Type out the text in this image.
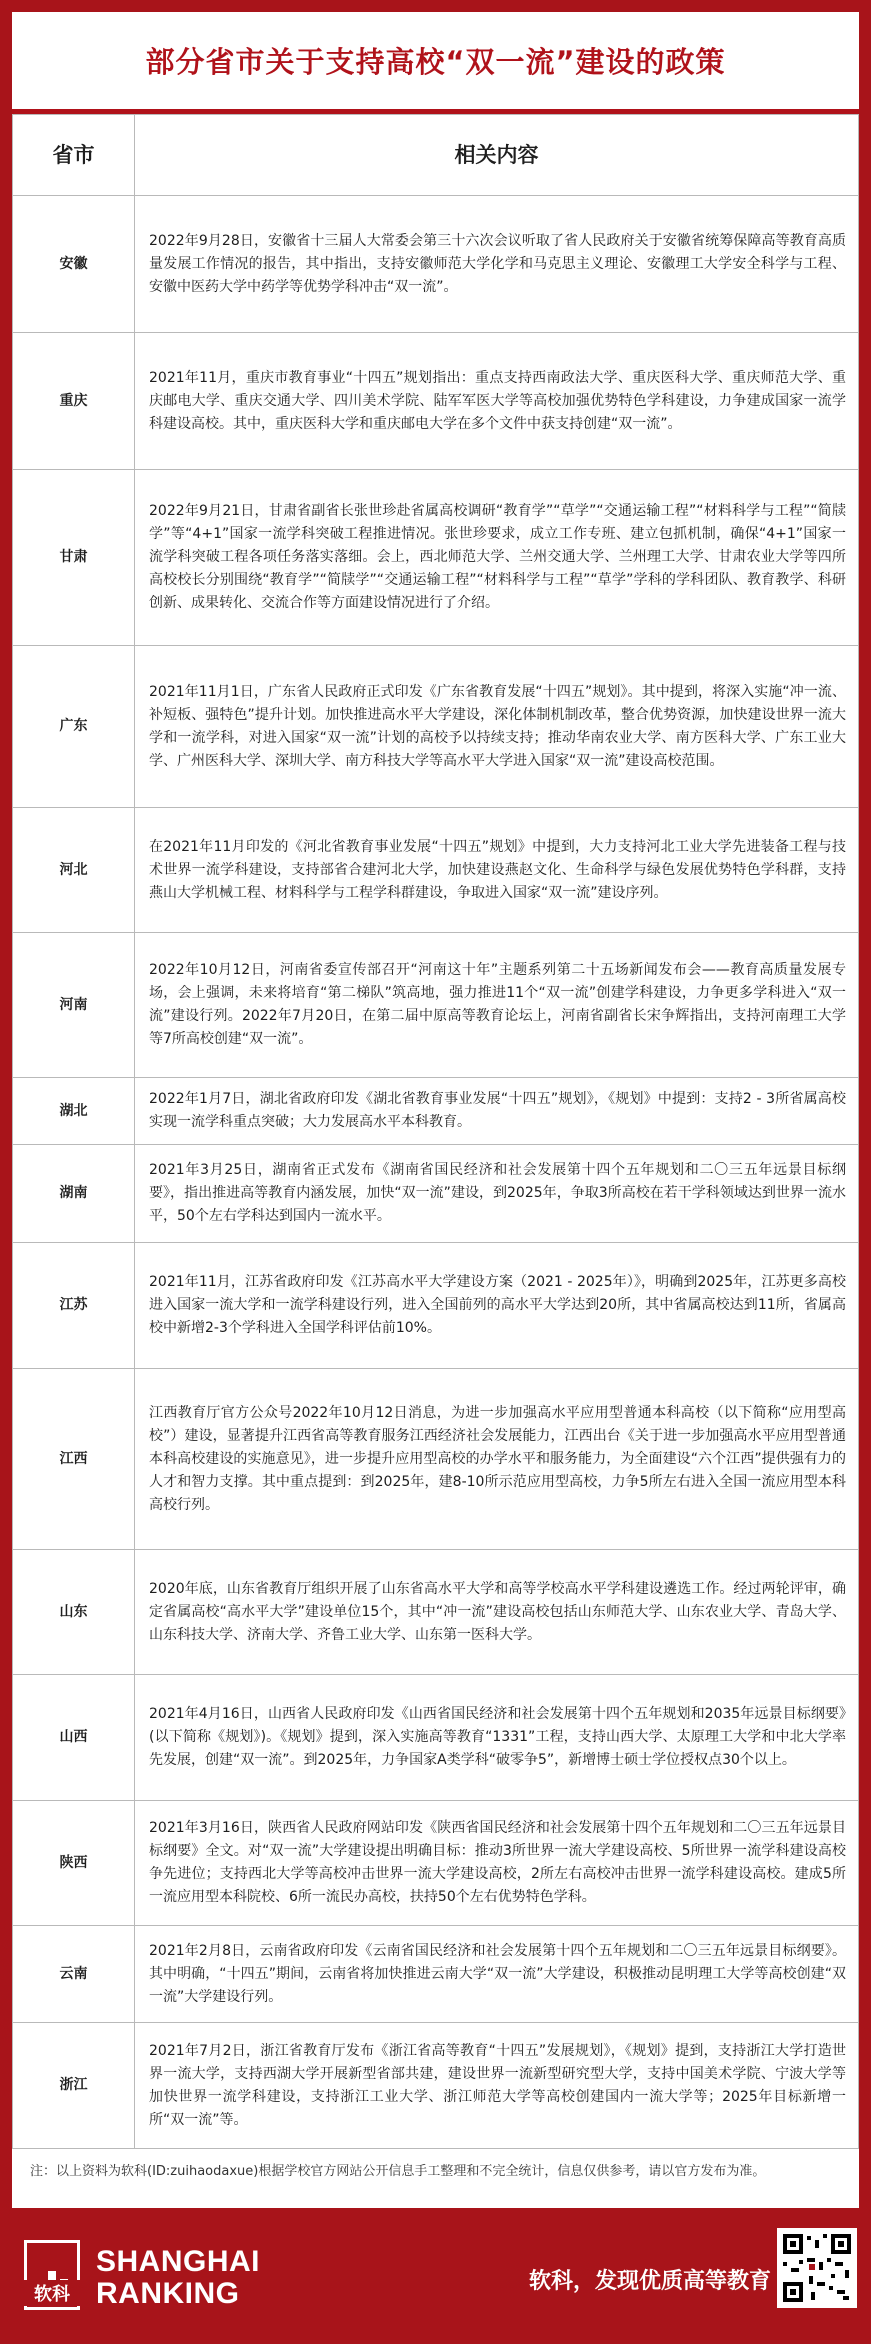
部分省市关于支持高校“双一流”建设的政策
省市	相关内容
安徽	2022年9月28日，安徽省十三届人大常委会第三十六次会议听取了省人民政府关于安徽省统筹保障高等教育高质量发展工作情况的报告，其中指出，支持安徽师范大学化学和马克思主义理论、安徽理工大学安全科学与工程、安徽中医药大学中药学等优势学科冲击“双一流”。
重庆	2021年11月，重庆市教育事业“十四五”规划指出：重点支持西南政法大学、重庆医科大学、重庆师范大学、重庆邮电大学、重庆交通大学、四川美术学院、陆军军医大学等高校加强优势特色学科建设，力争建成国家一流学科建设高校。其中，重庆医科大学和重庆邮电大学在多个文件中获支持创建“双一流”。
甘肃	2022年9月21日，甘肃省副省长张世珍赴省属高校调研“教育学”“草学”“交通运输工程”“材料科学与工程”“简牍学”等“4+1”国家一流学科突破工程推进情况。张世珍要求，成立工作专班、建立包抓机制，确保“4+1”国家一流学科突破工程各项任务落实落细。会上，西北师范大学、兰州交通大学、兰州理工大学、甘肃农业大学等四所高校校长分别围绕“教育学”“简牍学”“交通运输工程”“材料科学与工程”“草学”学科的学科团队、教育教学、科研创新、成果转化、交流合作等方面建设情况进行了介绍。
广东	2021年11月1日，广东省人民政府正式印发《广东省教育发展“十四五”规划》。其中提到，将深入实施“冲一流、补短板、强特色”提升计划。加快推进高水平大学建设，深化体制机制改革，整合优势资源，加快建设世界一流大学和一流学科，对进入国家“双一流”计划的高校予以持续支持；推动华南农业大学、南方医科大学、广东工业大学、广州医科大学、深圳大学、南方科技大学等高水平大学进入国家“双一流”建设高校范围。
河北	在2021年11月印发的《河北省教育事业发展“十四五”规划》中提到，大力支持河北工业大学先进装备工程与技术世界一流学科建设，支持部省合建河北大学，加快建设燕赵文化、生命科学与绿色发展优势特色学科群，支持燕山大学机械工程、材料科学与工程学科群建设，争取进入国家“双一流”建设序列。
河南	2022年10月12日，河南省委宣传部召开“河南这十年”主题系列第二十五场新闻发布会——教育高质量发展专场，会上强调，未来将培育“第二梯队”筑高地，强力推进11个“双一流”创建学科建设，力争更多学科进入“双一流”建设行列。2022年7月20日，在第二届中原高等教育论坛上，河南省副省长宋争辉指出，支持河南理工大学等7所高校创建“双一流”。
湖北	2022年1月7日，湖北省政府印发《湖北省教育事业发展“十四五”规划》，《规划》中提到：支持2 - 3所省属高校实现一流学科重点突破；大力发展高水平本科教育。
湖南	2021年3月25日，湖南省正式发布《湖南省国民经济和社会发展第十四个五年规划和二〇三五年远景目标纲要》，指出推进高等教育内涵发展，加快“双一流”建设，到2025年，争取3所高校在若干学科领域达到世界一流水平，50个左右学科达到国内一流水平。
江苏	2021年11月，江苏省政府印发《江苏高水平大学建设方案（2021 - 2025年）》，明确到2025年，江苏更多高校进入国家一流大学和一流学科建设行列，进入全国前列的高水平大学达到20所，其中省属高校达到11所，省属高校中新增2-3个学科进入全国学科评估前10%。
江西	江西教育厅官方公众号2022年10月12日消息，为进一步加强高水平应用型普通本科高校（以下简称“应用型高校”）建设，显著提升江西省高等教育服务江西经济社会发展能力，江西出台《关于进一步加强高水平应用型普通本科高校建设的实施意见》，进一步提升应用型高校的办学水平和服务能力，为全面建设“六个江西”提供强有力的人才和智力支撑。其中重点提到：到2025年，建8-10所示范应用型高校，力争5所左右进入全国一流应用型本科高校行列。
山东	2020年底，山东省教育厅组织开展了山东省高水平大学和高等学校高水平学科建设遴选工作。经过两轮评审，确定省属高校“高水平大学”建设单位15个，其中“冲一流”建设高校包括山东师范大学、山东农业大学、青岛大学、山东科技大学、济南大学、齐鲁工业大学、山东第一医科大学。
山西	2021年4月16日，山西省人民政府印发《山西省国民经济和社会发展第十四个五年规划和2035年远景目标纲要》(以下简称《规划》)。《规划》提到，深入实施高等教育“1331”工程，支持山西大学、太原理工大学和中北大学率先发展，创建“双一流”。到2025年，力争国家A类学科“破零争5”，新增博士硕士学位授权点30个以上。
陕西	2021年3月16日，陕西省人民政府网站印发《陕西省国民经济和社会发展第十四个五年规划和二〇三五年远景目标纲要》全文。对“双一流”大学建设提出明确目标：推动3所世界一流大学建设高校、5所世界一流学科建设高校争先进位；支持西北大学等高校冲击世界一流大学建设高校，2所左右高校冲击世界一流学科建设高校。建成5所一流应用型本科院校、6所一流民办高校，扶持50个左右优势特色学科。
云南	2021年2月8日，云南省政府印发《云南省国民经济和社会发展第十四个五年规划和二〇三五年远景目标纲要》。其中明确，“十四五”期间，云南省将加快推进云南大学“双一流”大学建设，积极推动昆明理工大学等高校创建“双一流”大学建设行列。
浙江	2021年7月2日，浙江省教育厅发布《浙江省高等教育“十四五”发展规划》，《规划》提到，支持浙江大学打造世界一流大学，支持西湖大学开展新型省部共建，建设世界一流新型研究型大学，支持中国美术学院、宁波大学等加快世界一流学科建设，支持浙江工业大学、浙江师范大学等高校创建国内一流大学等；2025年目标新增一所“双一流”等。
注：以上资料为软科(ID:zuihaodaxue)根据学校官方网站公开信息手工整理和不完全统计，信息仅供参考，请以官方发布为准。
软科
SHANGHAI
RANKING	软科，发现优质高等教育
